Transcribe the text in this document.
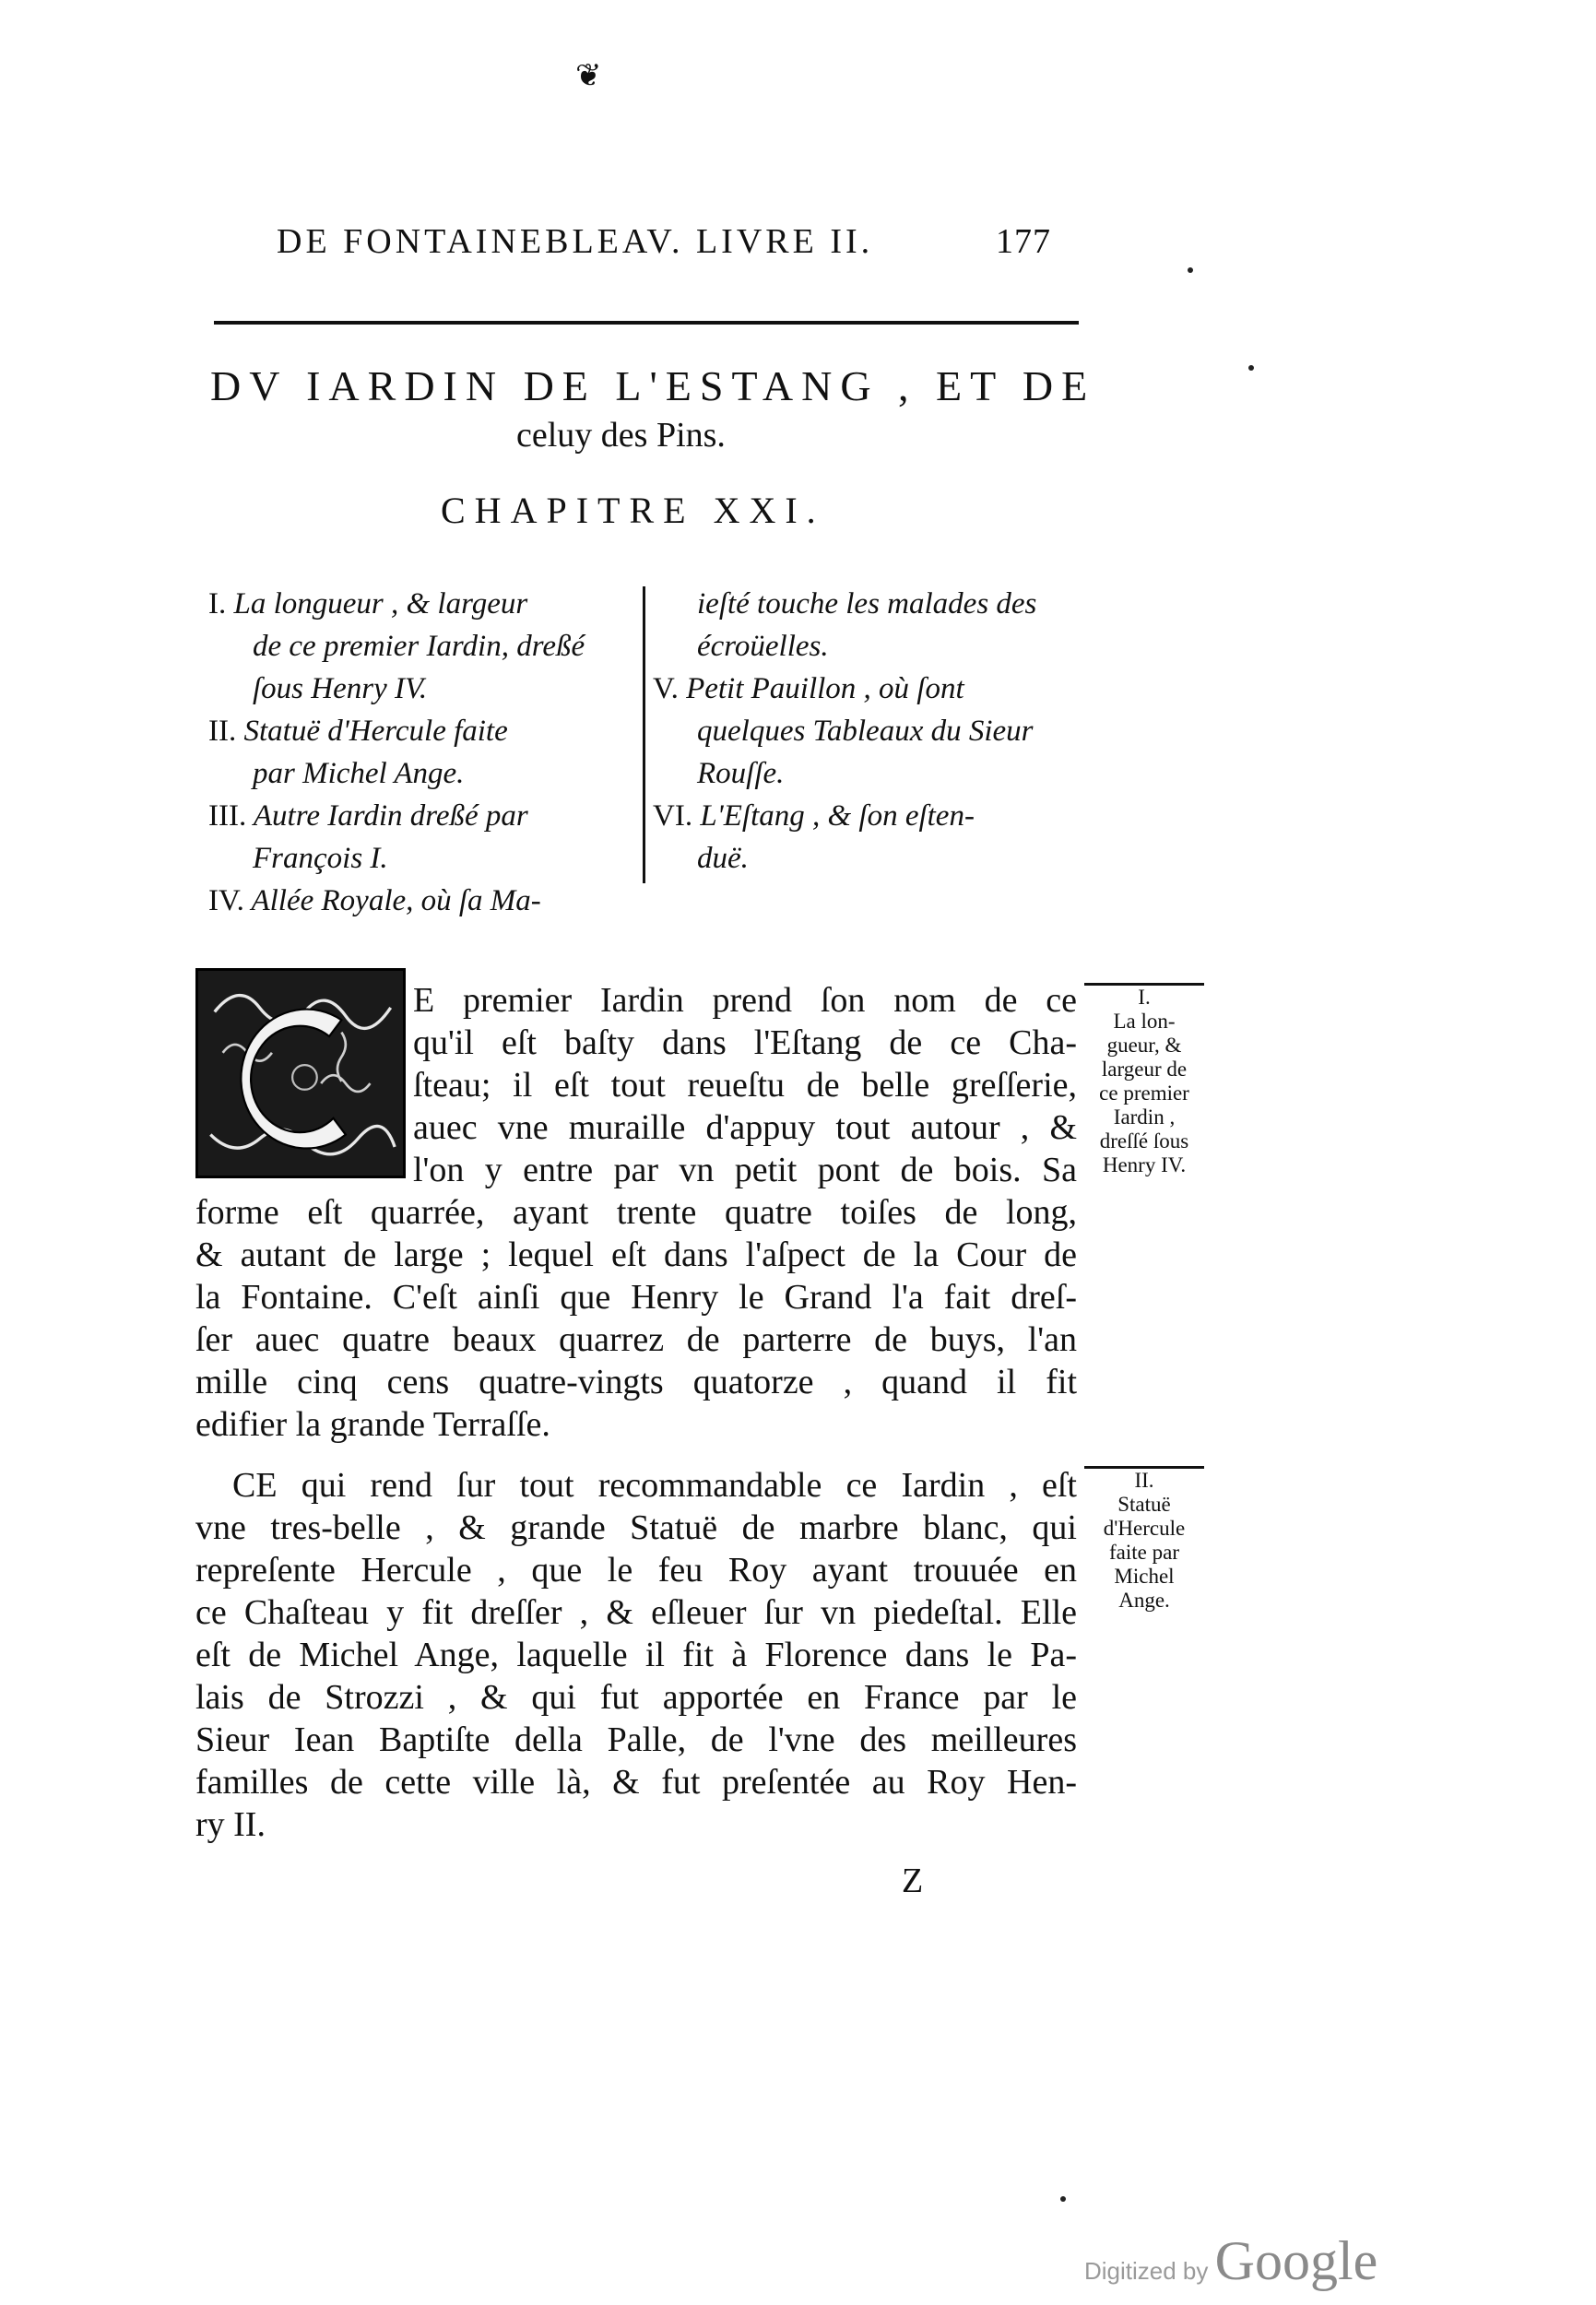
❦
DE FONTAINEBLEAV. LIVRE II.	177
DV IARDIN DE L'ESTANG , ET DE
celuy des Pins.
CHAPITRE XXI.
I. La longueur , & largeur
de ce premier Iardin, dreßé
ſous Henry IV.
II. Statuë d'Hercule faite
par Michel Ange.
III. Autre Iardin dreßé par
François I.
IV. Allée Royale, où ſa Ma-
ieſté touche les malades des
écroüelles.
V. Petit Pauillon , où ſont
quelques Tableaux du Sieur
Rouſſe.
VI. L'Eſtang , & ſon eſten-
duë.
E premier Iardin prend ſon nom de ce
qu'il eſt baſty dans l'Eſtang de ce Cha-
ſteau; il eſt tout reueſtu de belle greſſerie,
auec vne muraille d'appuy tout autour , &
l'on y entre par vn petit pont de bois. Sa
forme eſt quarrée, ayant trente quatre toiſes de long,
& autant de large ; lequel eſt dans l'aſpect de la Cour de
la Fontaine. C'eſt ainſi que Henry le Grand l'a fait dreſ-
ſer auec quatre beaux quarrez de parterre de buys, l'an
mille cinq cens quatre-vingts quatorze , quand il fit
edifier la grande Terraſſe.
CE qui rend ſur tout recommandable ce Iardin , eſt
vne tres-belle , & grande Statuë de marbre blanc, qui
repreſente Hercule , que le feu Roy ayant trouuée en
ce Chaſteau y fit dreſſer , & eſleuer ſur vn piedeſtal. Elle
eſt de Michel Ange, laquelle il fit à Florence dans le Pa-
lais de Strozzi , & qui fut apportée en France par le
Sieur Iean Baptiſte della Palle, de l'vne des meilleures
familles de cette ville là, & fut preſentée au Roy Hen-
ry II.
I.
La lon-
gueur, &
largeur de
ce premier
Iardin ,
dreſſé ſous
Henry IV.
II.
Statuë
d'Hercule
faite par
Michel
Ange.
Z
Digitized by Google
